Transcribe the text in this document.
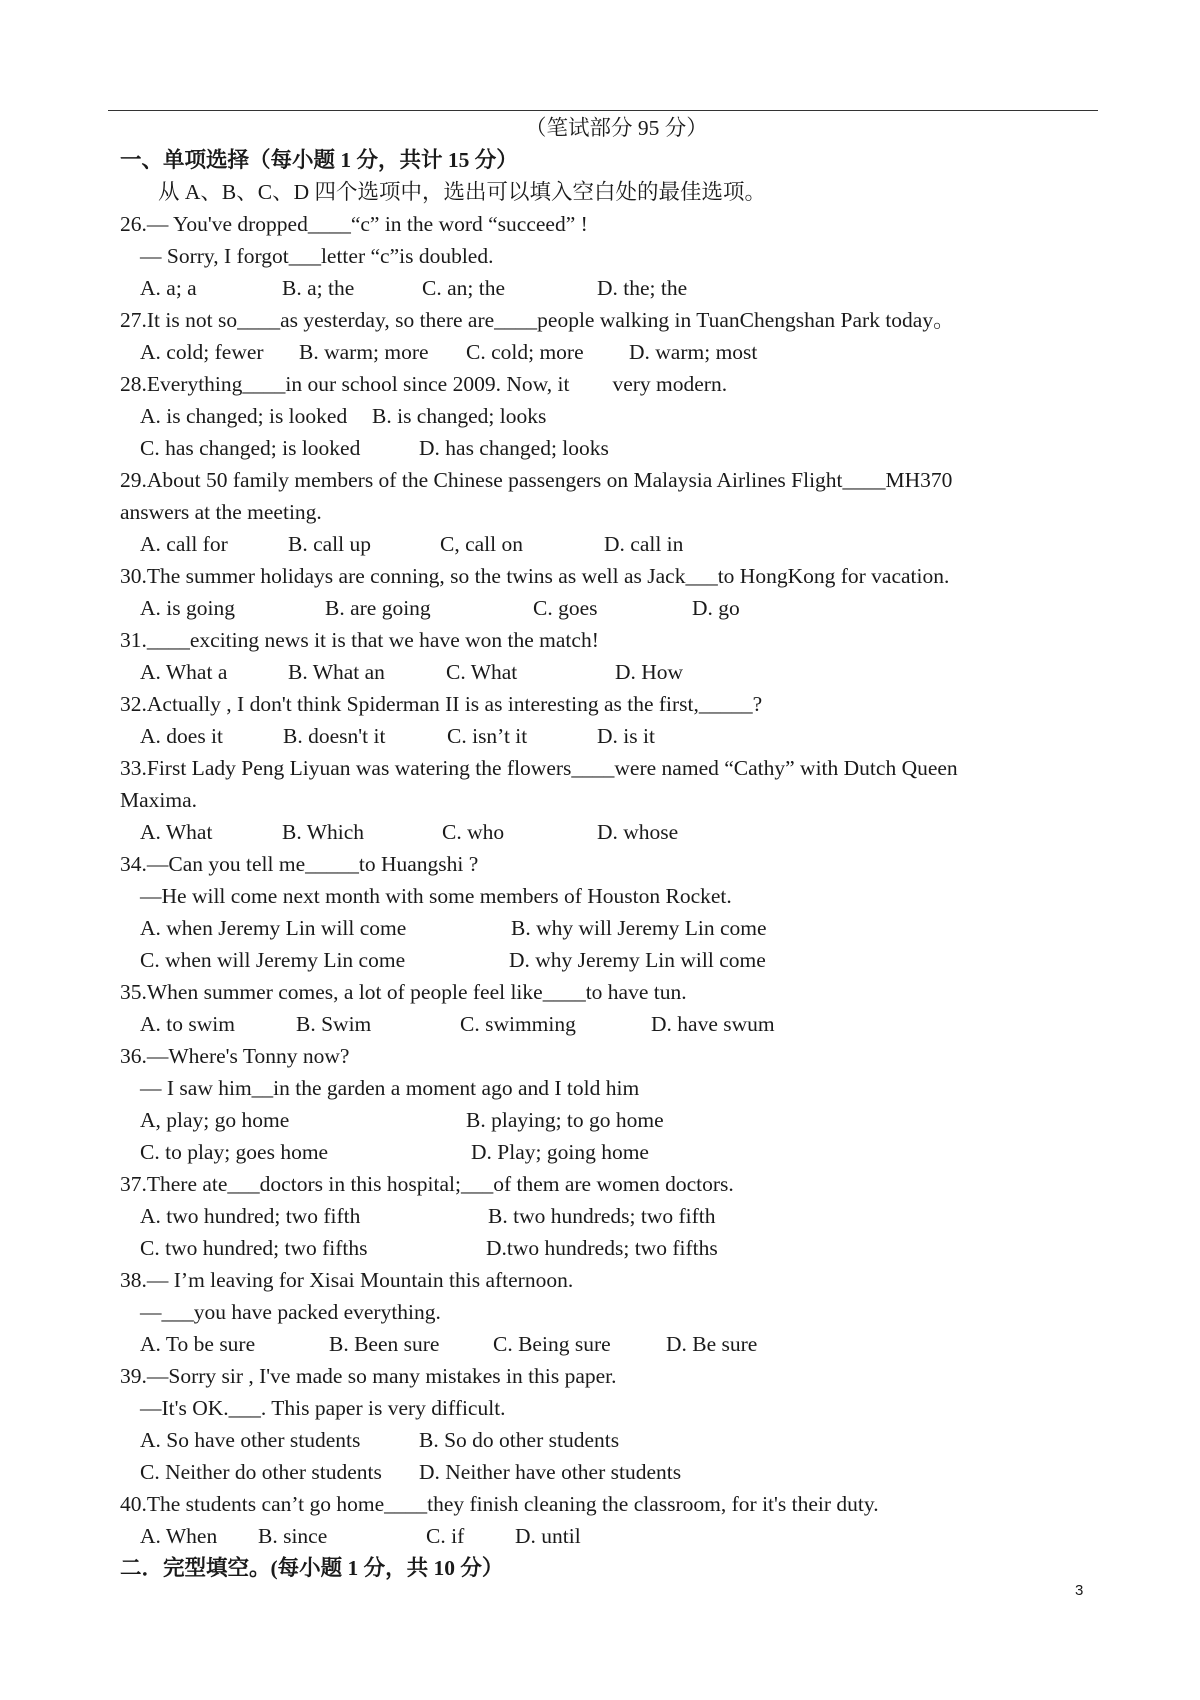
（笔试部分 95 分）
一、单项选择（每小题 1 分，共计 15 分）
从 A、B、C、D 四个选项中，选出可以填入空白处的最佳选项。
26.— You've dropped____“c” in the word “succeed” !
— Sorry, I forgot___letter “c”is doubled.
A. a; a	B. a; the	C. an; the	D. the; the
27.It is not so____as yesterday, so there are____people walking in TuanChengshan Park today。
A. cold; fewer B. warm; more C. cold; more D. warm; most
28.Everything____in our school since 2009. Now, it        very modern.
A. is changed; is looked B. is changed; looks
C. has changed; is looked	D. has changed; looks
29.About 50 family members of the Chinese passengers on Malaysia Airlines Flight____MH370
answers at the meeting.
A. call for	B. call up	C, call on	D. call in
30.The summer holidays are conning, so the twins as well as Jack___to HongKong for vacation.
A. is going	B. are going	C. goes	D. go
31.____exciting news it is that we have won the match!
A. What a	B. What an	C. What	D. How
32.Actually , I don't think Spiderman II is as interesting as the first,_____?
A. does it	B. doesn't it	C. isn’t it	D. is it
33.First Lady Peng Liyuan was watering the flowers____were named “Cathy” with Dutch Queen
Maxima.
A. What	B. Which	C. who	D. whose
34.—Can you tell me_____to Huangshi ?
—He will come next month with some members of Houston Rocket.
A. when Jeremy Lin will come	B. why will Jeremy Lin come
C. when will Jeremy Lin come	D. why Jeremy Lin will come
35.When summer comes, a lot of people feel like____to have tun.
A. to swim	B. Swim	C. swimming	D. have swum
36.—Where's Tonny now?
— I saw him__in the garden a moment ago and I told him
A, play; go home	B. playing; to go home
C. to play; goes home	D. Play; going home
37.There ate___doctors in this hospital;___of them are women doctors.
A. two hundred; two fifth	B. two hundreds; two fifth
C. two hundred; two fifths	D.two hundreds; two fifths
38.— I’m leaving for Xisai Mountain this afternoon.
—___you have packed everything.
A. To be sure	B. Been sure C. Being sure	D. Be sure
39.—Sorry sir , I've made so many mistakes in this paper.
—It's OK.___. This paper is very difficult.
A. So have other students	B. So do other students
C. Neither do other students D. Neither have other students
40.The students can’t go home____they finish cleaning the classroom, for it's their duty.
A. When B. since	C. if D. until
二．完型填空。(每小题 1 分，共 10 分）
3
